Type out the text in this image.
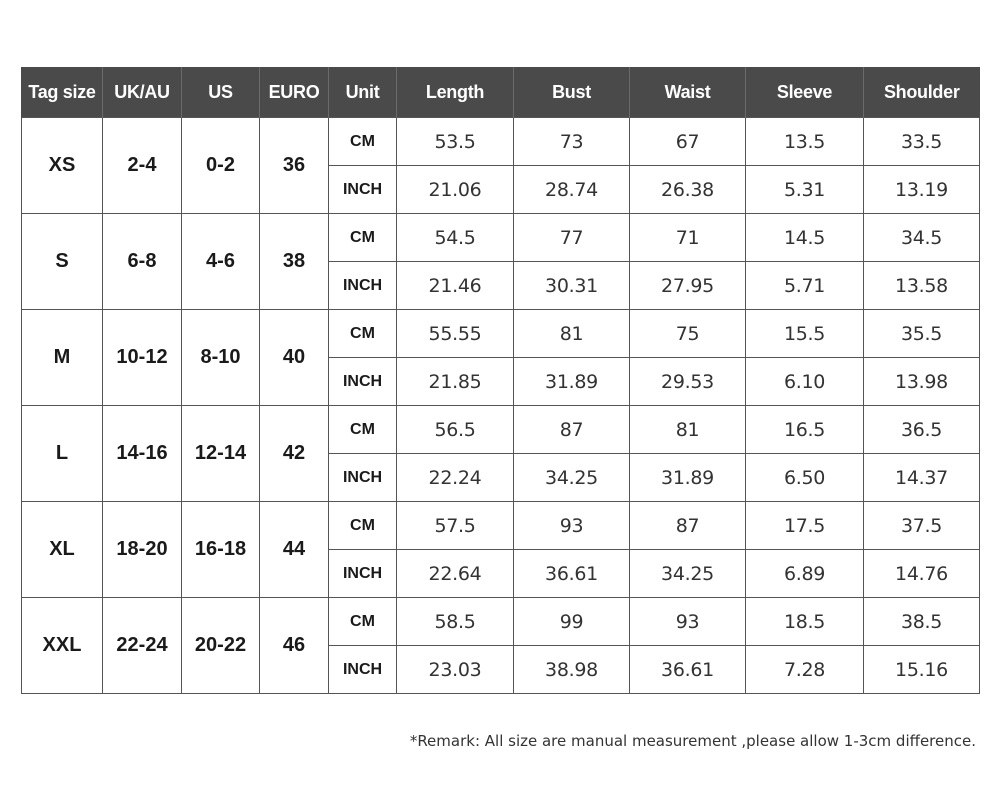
Tag size	UK/AU	US	EURO	Unit	Length	Bust	Waist	Sleeve	Shoulder
XS	2-4	0-2	36	CM	53.5	73	67	13.5	33.5
				INCH	21.06	28.74	26.38	5.31	13.19
S	6-8	4-6	38	CM	54.5	77	71	14.5	34.5
				INCH	21.46	30.31	27.95	5.71	13.58
M	10-12	8-10	40	CM	55.55	81	75	15.5	35.5
				INCH	21.85	31.89	29.53	6.10	13.98
L	14-16	12-14	42	CM	56.5	87	81	16.5	36.5
				INCH	22.24	34.25	31.89	6.50	14.37
XL	18-20	16-18	44	CM	57.5	93	87	17.5	37.5
				INCH	22.64	36.61	34.25	6.89	14.76
XXL	22-24	20-22	46	CM	58.5	99	93	18.5	38.5
				INCH	23.03	38.98	36.61	7.28	15.16
*Remark: All size are manual measurement ,please allow 1-3cm difference.
